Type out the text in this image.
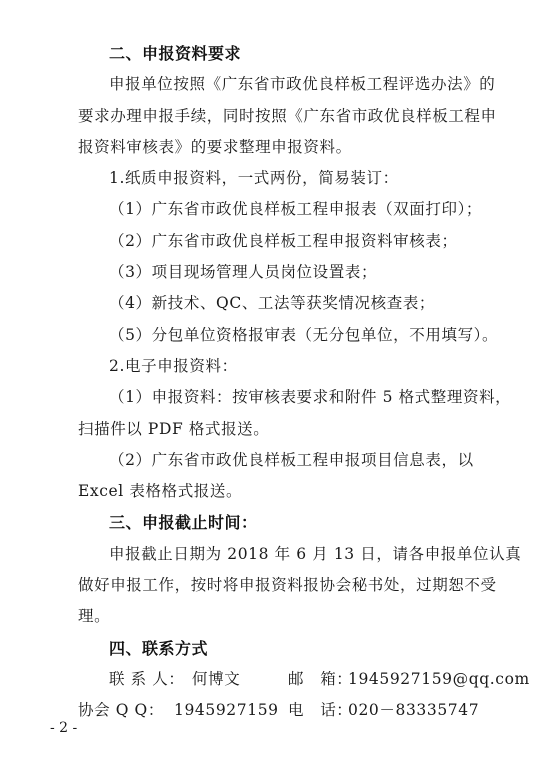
二、申报资料要求
申报单位按照《广东省市政优良样板工程评选办法》的
要求办理申报手续，同时按照《广东省市政优良样板工程申
报资料审核表》的要求整理申报资料。
1.纸质申报资料，一式两份，简易装订：
（1）广东省市政优良样板工程申报表（双面打印）；
（2）广东省市政优良样板工程申报资料审核表；
（3）项目现场管理人员岗位设置表；
（4）新技术、QC、工法等获奖情况核查表；
（5）分包单位资格报审表（无分包单位，不用填写）。
2.电子申报资料：
（1）申报资料：按审核表要求和附件 5 格式整理资料，
扫描件以 PDF 格式报送。
（2）广东省市政优良样板工程申报项目信息表，以
Excel 表格格式报送。
三、申报截止时间：
申报截止日期为 2018 年 6 月 13 日，请各申报单位认真
做好申报工作，按时将申报资料报协会秘书处，过期恕不受
理。
四、联系方式
联 系 人： 何博文	邮　箱：
1945927159@qq.com
协会 Q Q： 1945927159 电　话：
020－83335747
- 2 -
